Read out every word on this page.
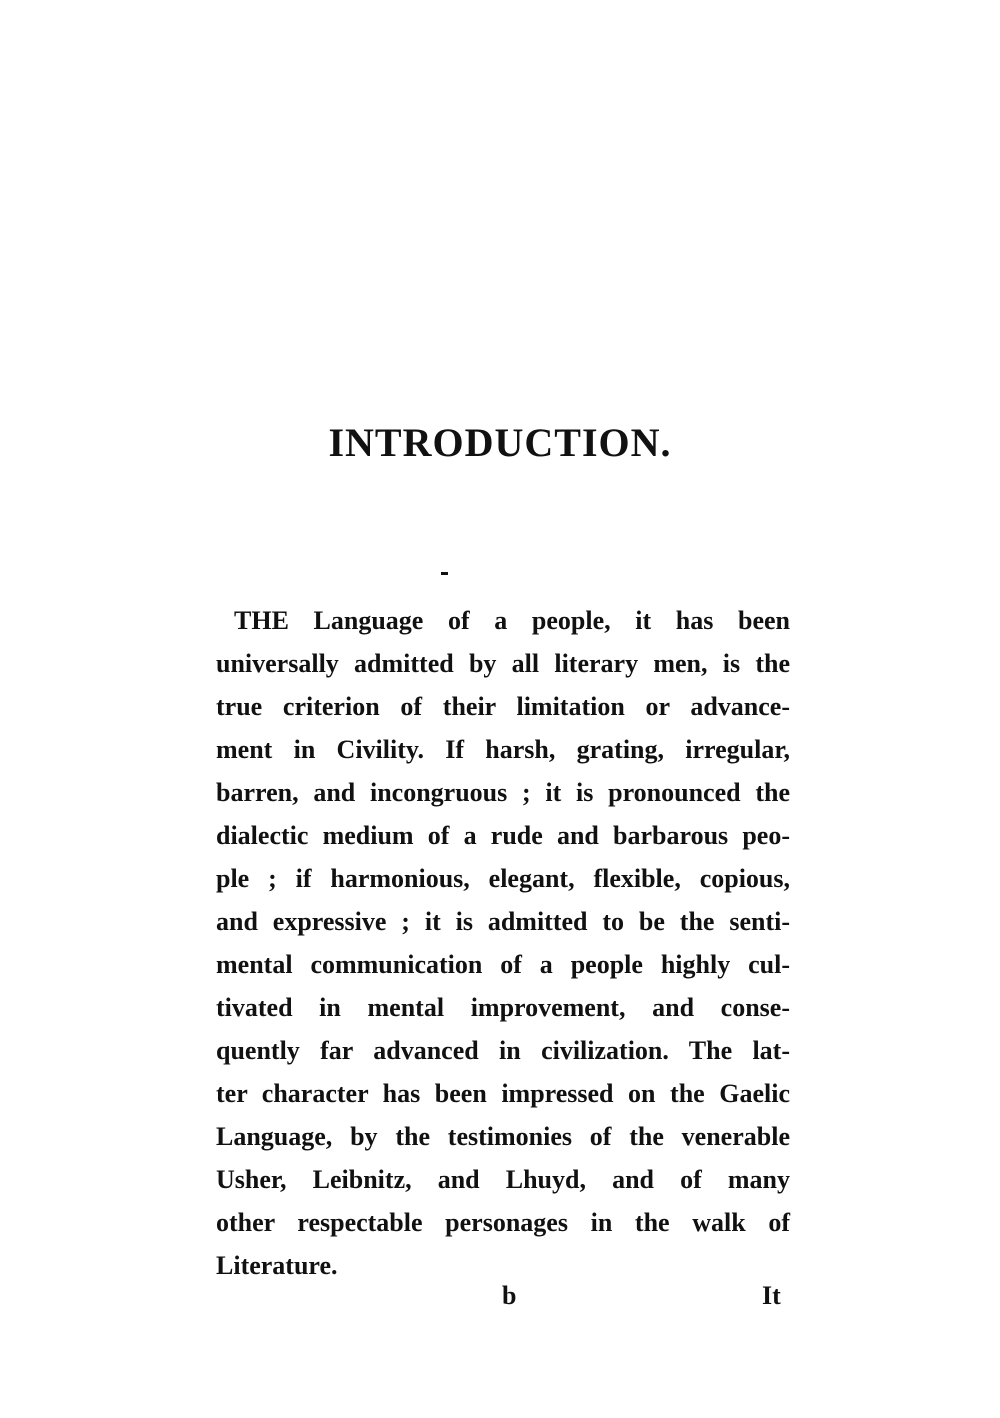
INTRODUCTION.
THE Language of a people, it has been
universally admitted by all literary men, is the
true criterion of their limitation or advance-
ment in Civility. If harsh, grating, irregular,
barren, and incongruous ; it is pronounced the
dialectic medium of a rude and barbarous peo-
ple ; if harmonious, elegant, flexible, copious,
and expressive ; it is admitted to be the senti-
mental communication of a people highly cul-
tivated in mental improvement, and conse-
quently far advanced in civilization. The lat-
ter character has been impressed on the Gaelic
Language, by the testimonies of the venerable
Usher, Leibnitz, and Lhuyd, and of many
other respectable personages in the walk of
Literature.
b	It
